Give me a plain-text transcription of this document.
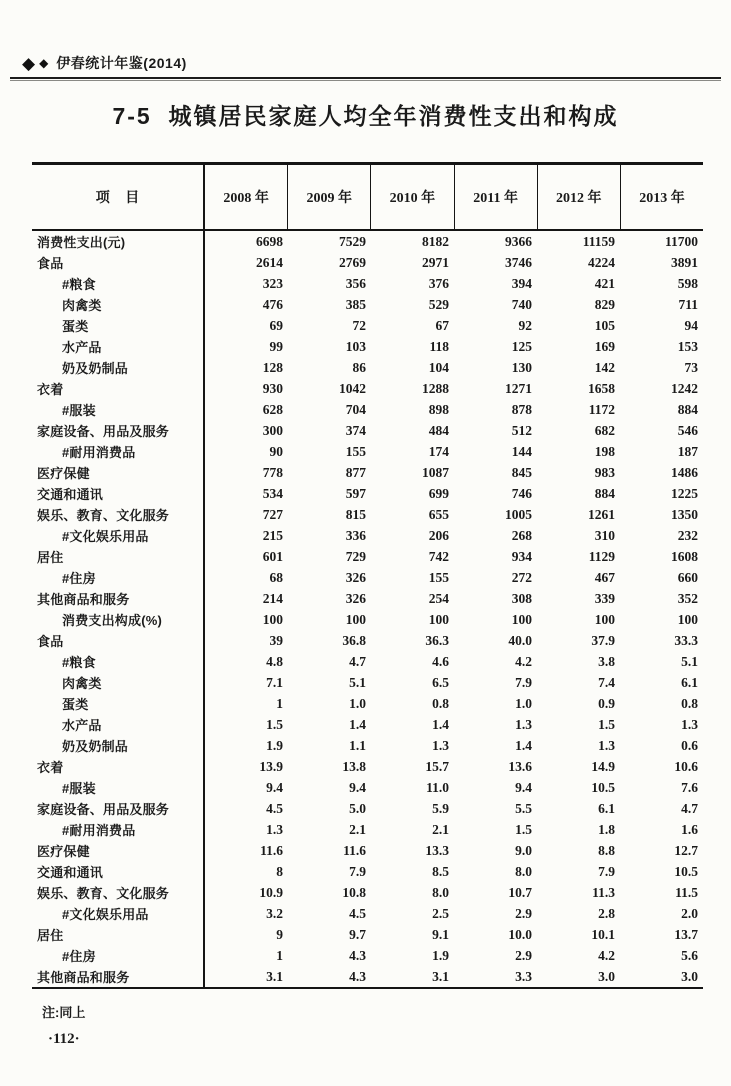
◆ ◆ 伊春统计年鉴(2014)
7-5  城镇居民家庭人均全年消费性支出和构成
项    目	2008 年	2009 年	2010 年	2011 年	2012 年	2013 年
消费性支出(元)	6698	7529	8182	9366	11159	11700
食品	2614	2769	2971	3746	4224	3891
#粮食	323	356	376	394	421	598
肉禽类	476	385	529	740	829	711
蛋类	69	72	67	92	105	94
水产品	99	103	118	125	169	153
奶及奶制品	128	86	104	130	142	73
衣着	930	1042	1288	1271	1658	1242
#服装	628	704	898	878	1172	884
家庭设备、用品及服务	300	374	484	512	682	546
#耐用消费品	90	155	174	144	198	187
医疗保健	778	877	1087	845	983	1486
交通和通讯	534	597	699	746	884	1225
娱乐、教育、文化服务	727	815	655	1005	1261	1350
#文化娱乐用品	215	336	206	268	310	232
居住	601	729	742	934	1129	1608
#住房	68	326	155	272	467	660
其他商品和服务	214	326	254	308	339	352
消费支出构成(%)	100	100	100	100	100	100
食品	39	36.8	36.3	40.0	37.9	33.3
#粮食	4.8	4.7	4.6	4.2	3.8	5.1
肉禽类	7.1	5.1	6.5	7.9	7.4	6.1
蛋类	1	1.0	0.8	1.0	0.9	0.8
水产品	1.5	1.4	1.4	1.3	1.5	1.3
奶及奶制品	1.9	1.1	1.3	1.4	1.3	0.6
衣着	13.9	13.8	15.7	13.6	14.9	10.6
#服装	9.4	9.4	11.0	9.4	10.5	7.6
家庭设备、用品及服务	4.5	5.0	5.9	5.5	6.1	4.7
#耐用消费品	1.3	2.1	2.1	1.5	1.8	1.6
医疗保健	11.6	11.6	13.3	9.0	8.8	12.7
交通和通讯	8	7.9	8.5	8.0	7.9	10.5
娱乐、教育、文化服务	10.9	10.8	8.0	10.7	11.3	11.5
#文化娱乐用品	3.2	4.5	2.5	2.9	2.8	2.0
居住	9	9.7	9.1	10.0	10.1	13.7
#住房	1	4.3	1.9	2.9	4.2	5.6
其他商品和服务	3.1	4.3	3.1	3.3	3.0	3.0
注:同上
·112·
